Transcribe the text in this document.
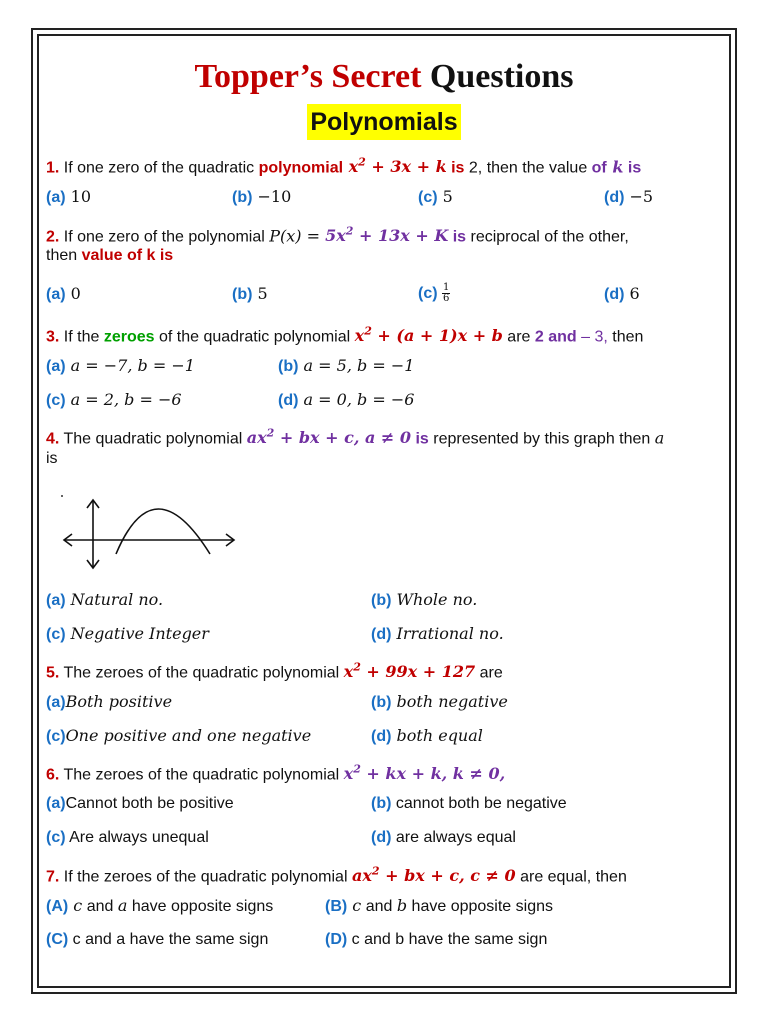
Topper’s Secret Questions
Polynomials
1. If one zero of the quadratic polynomial $x^2 + 3x + k$ is 2, then the value of k is
(a) 10	(b) −10	(c) 5	(d) −5
2. If one zero of the polynomial $P(x) = 5x^2 + 13x + K$ is reciprocal of the other,
then value of k is
(a) 0	(b) 5	$(c) \frac{1}{6}$	(d) 6
3. If the zeroes of the quadratic polynomial $x^2 + (a + 1)x + b$ are 2 and – 3, then
(a) a = −7, b = −1	(b) a = 5, b = −1
(c) a = 2, b = −6	(d) a = 0, b = −6
4. The quadratic polynomial $ax^2$ + bx + c, a ≠ 0 is represented by this graph then a
is
(a) Natural no.	(b) Whole no.
(c) Negative Integer	(d) Irrational no.
5. The zeroes of the quadratic polynomial $x^2 + 99x + 127$ are
(a)Both positive	(b) both negative
(c)One positive and one negative	(d) both equal
6. The zeroes of the quadratic polynomial $x^2$ + kx + k, k ≠ 0,
(a)Cannot both be positive	(b) cannot both be negative
(c) Are always unequal	(d) are always equal
7. If the zeroes of the quadratic polynomial $ax^2$ + bx + c, c ≠ 0 are equal, then
(A) c and a have opposite signs	(B) c and b have opposite signs
(C) c and a have the same sign	(D) c and b have the same sign
